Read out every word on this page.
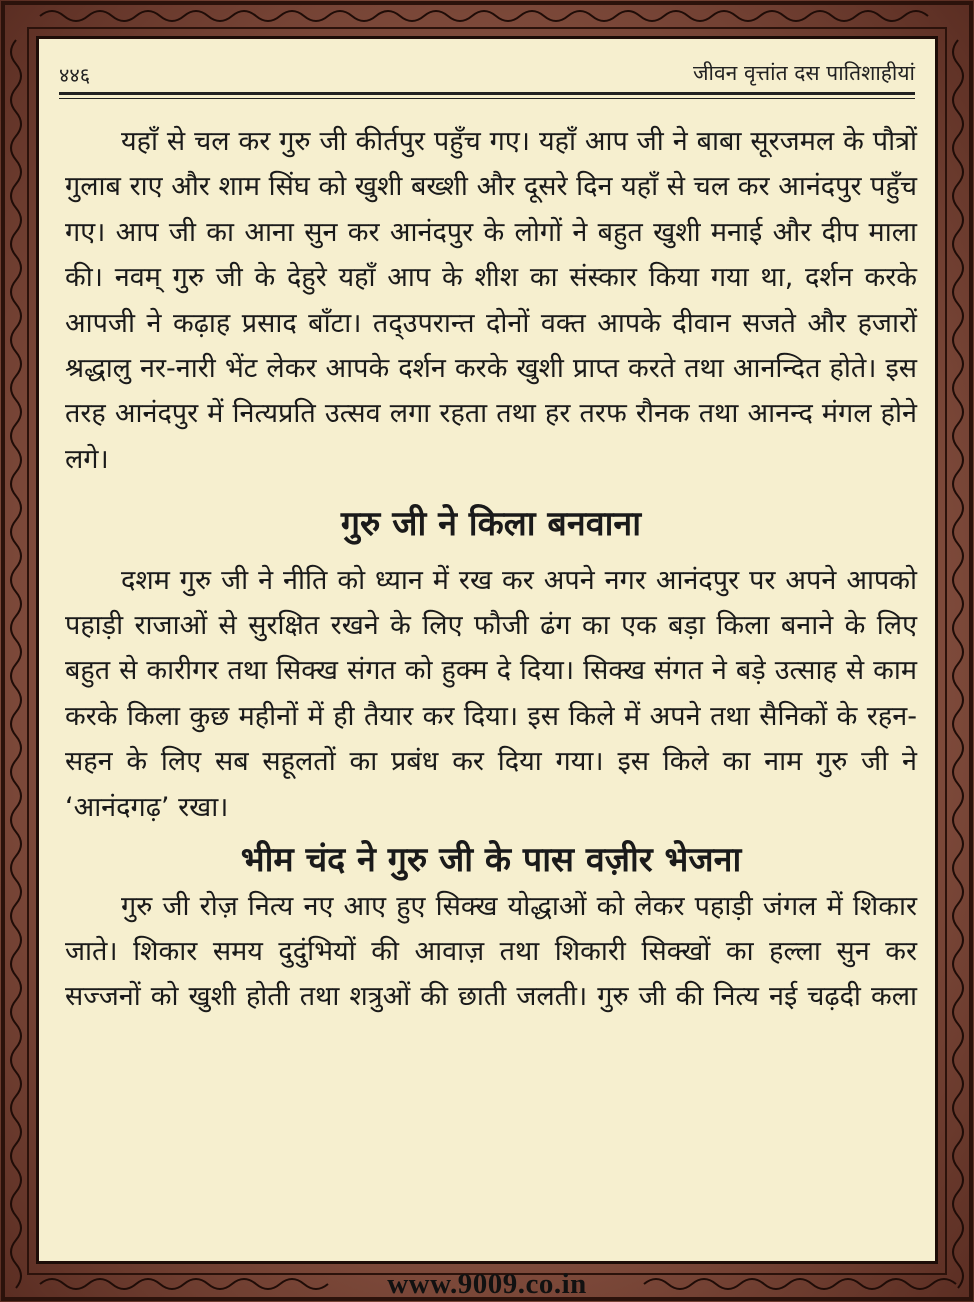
४४६	जीवन वृत्तांत दस पातिशाहीयां

यहाँ से चल कर गुरु जी कीर्तपुर पहुँच गए। यहाँ आप जी ने बाबा सूरजमल के पौत्रों गुलाब राए और शाम सिंघ को खुशी बख्शी और दूसरे दिन यहाँ से चल कर आनंदपुर पहुँच गए। आप जी का आना सुन कर आनंदपुर के लोगों ने बहुत खुशी मनाई और दीप माला की। नवम् गुरु जी के देहुरे यहाँ आप के शीश का संस्कार किया गया था, दर्शन करके आपजी ने कढ़ाह प्रसाद बाँटा। तद्उपरान्त दोनों वक्त आपके दीवान सजते और हजारों श्रद्धालु नर-नारी भेंट लेकर आपके दर्शन करके खुशी प्राप्त करते तथा आनन्दित होते। इस तरह आनंदपुर में नित्यप्रति उत्सव लगा रहता तथा हर तरफ रौनक तथा आनन्द मंगल होने लगे।

गुरु जी ने किला बनवाना

दशम गुरु जी ने नीति को ध्यान में रख कर अपने नगर आनंदपुर पर अपने आपको पहाड़ी राजाओं से सुरक्षित रखने के लिए फौजी ढंग का एक बड़ा किला बनाने के लिए बहुत से कारीगर तथा सिक्ख संगत को हुक्म दे दिया। सिक्ख संगत ने बड़े उत्साह से काम करके किला कुछ महीनों में ही तैयार कर दिया। इस किले में अपने तथा सैनिकों के रहन-सहन के लिए सब सहूलतों का प्रबंध कर दिया गया। इस किले का नाम गुरु जी ने ‘आनंदगढ़’ रखा।

भीम चंद ने गुरु जी के पास वज़ीर भेजना

गुरु जी रोज़ नित्य नए आए हुए सिक्ख योद्धाओं को लेकर पहाड़ी जंगल में शिकार जाते। शिकार समय दुदुंभियों की आवाज़ तथा शिकारी सिक्खों का हल्ला सुन कर सज्जनों को खुशी होती तथा शत्रुओं की छाती जलती। गुरु जी की नित्य नई चढ़दी कला

www.9009.co.in
